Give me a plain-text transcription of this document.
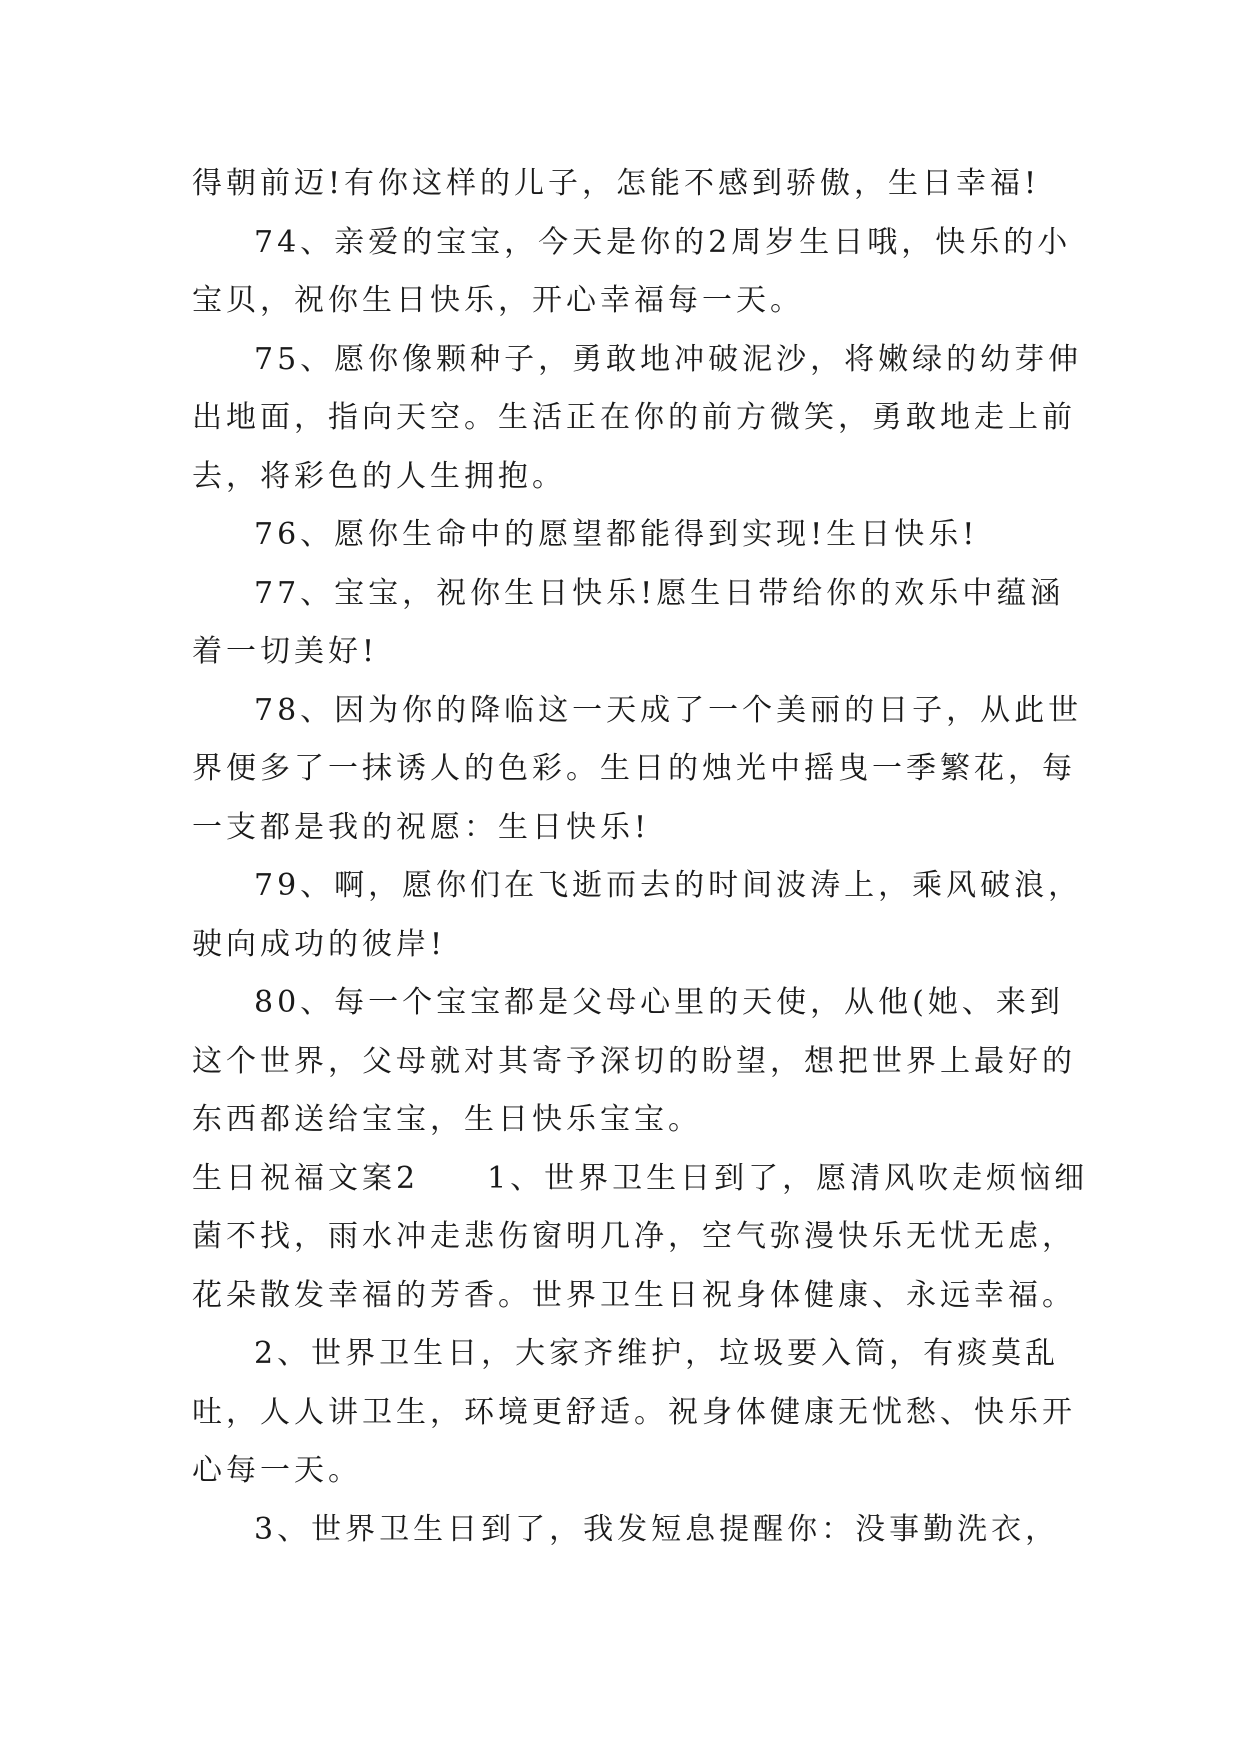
得朝前迈!有你这样的儿子，怎能不感到骄傲，生日幸福!
74、亲爱的宝宝，今天是你的2周岁生日哦，快乐的小
宝贝，祝你生日快乐，开心幸福每一天。
75、愿你像颗种子，勇敢地冲破泥沙，将嫩绿的幼芽伸
出地面，指向天空。生活正在你的前方微笑，勇敢地走上前
去，将彩色的人生拥抱。
76、愿你生命中的愿望都能得到实现!生日快乐!
77、宝宝，祝你生日快乐!愿生日带给你的欢乐中蕴涵
着一切美好!
78、因为你的降临这一天成了一个美丽的日子，从此世
界便多了一抹诱人的色彩。生日的烛光中摇曳一季繁花，每
一支都是我的祝愿：生日快乐!
79、啊，愿你们在飞逝而去的时间波涛上，乘风破浪，
驶向成功的彼岸!
80、每一个宝宝都是父母心里的天使，从他(她、来到
这个世界，父母就对其寄予深切的盼望，想把世界上最好的
东西都送给宝宝，生日快乐宝宝。
生日祝福文案2　　1、世界卫生日到了，愿清风吹走烦恼细
菌不找，雨水冲走悲伤窗明几净，空气弥漫快乐无忧无虑，
花朵散发幸福的芳香。世界卫生日祝身体健康、永远幸福。
2、世界卫生日，大家齐维护，垃圾要入筒，有痰莫乱
吐，人人讲卫生，环境更舒适。祝身体健康无忧愁、快乐开
心每一天。
3、世界卫生日到了，我发短息提醒你：没事勤洗衣，
